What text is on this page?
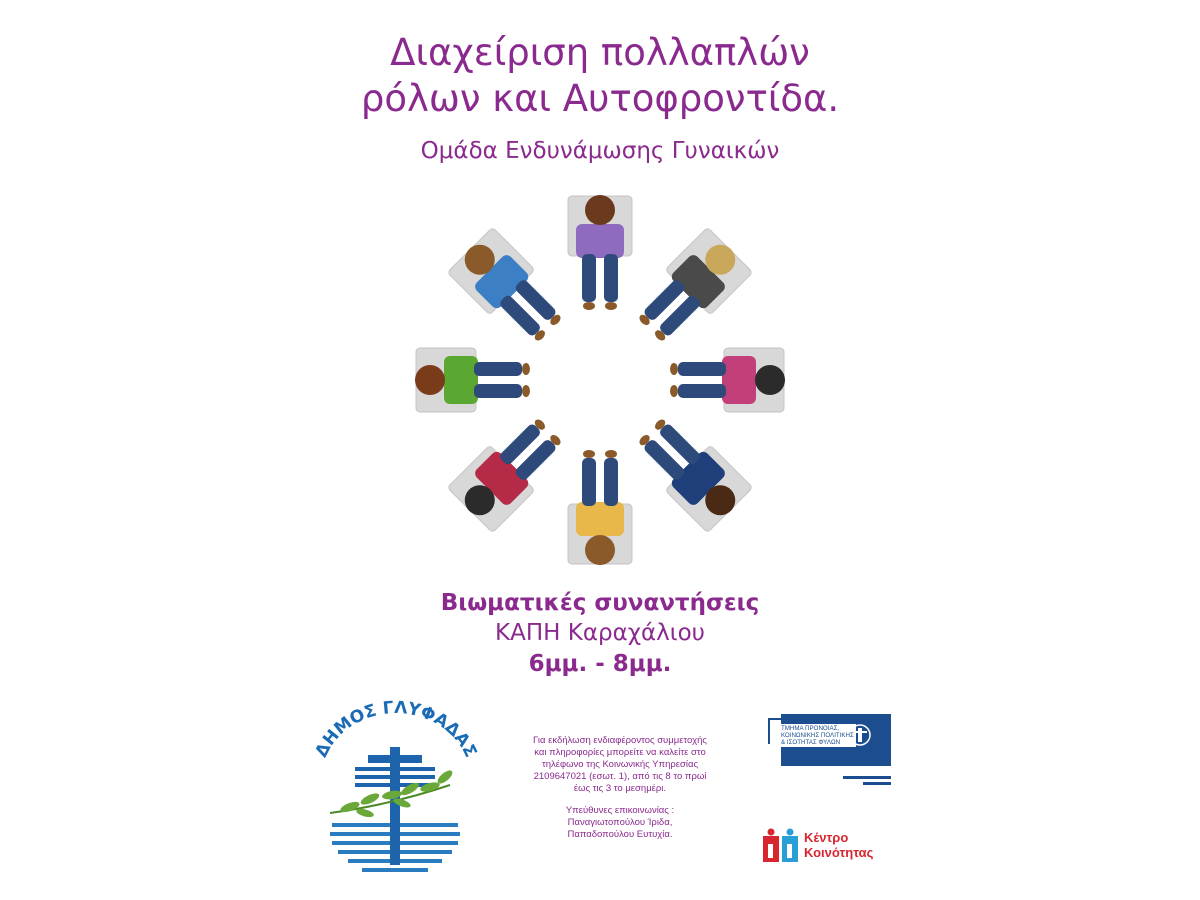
Διαχείριση πολλαπλών
ρόλων και Αυτοφροντίδα.
Ομάδα Ενδυνάμωσης Γυναικών
Βιωματικές συναντήσεις
ΚΑΠΗ Καραχάλιου
6μμ. - 8μμ.
ΔΗΜΟΣ ΓΛΥΦΑΔΑΣ

Για εκδήλωση ενδιαφέροντος συμμετοχής
και πληροφορίες μπορείτε να καλείτε στο
τηλέφωνο της Κοινωνικής Υπηρεσίας
2109647021 (εσωτ. 1), από τις 8 το πρωί
έως τις 3 το μεσημέρι.

Υπεύθυνες επικοινωνίας :
Παναγιωτοπούλου Ίριδα,
Παπαδοπούλου Ευτυχία.

ΤΜΗΜΑ ΠΡΟΝΟΙΑΣ,
ΚΟΙΝΩΝΙΚΗΣ ΠΟΛΙΤΙΚΗΣ
& ΙΣΟΤΗΤΑΣ ΦΥΛΩΝ
Κέντρο
Κοινότητας
